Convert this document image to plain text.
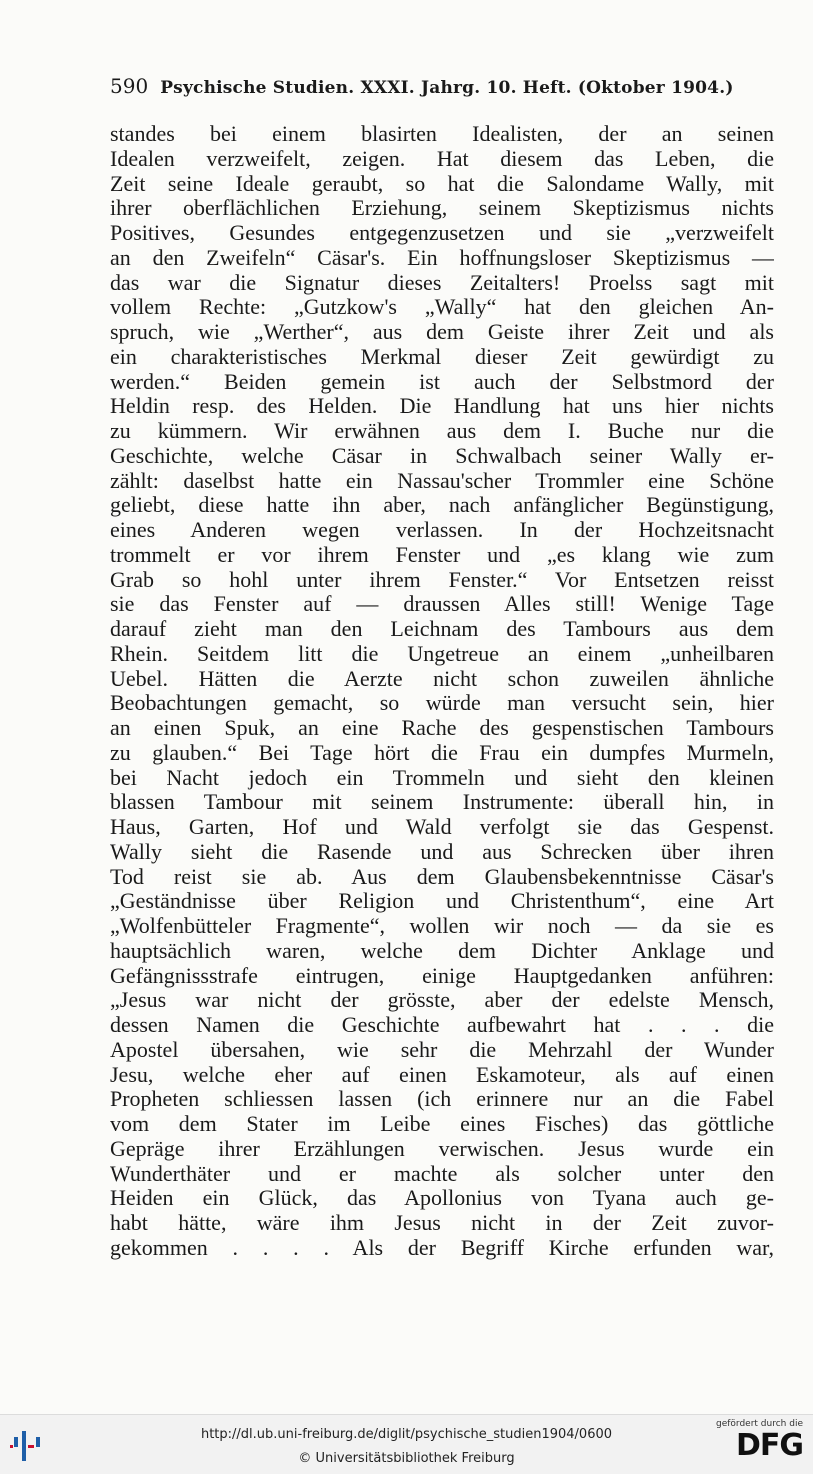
590 Psychische Studien. XXXI. Jahrg. 10. Heft. (Oktober 1904.)
standes bei einem blasirten Idealisten, der an seinen
Idealen verzweifelt, zeigen. Hat diesem das Leben, die
Zeit seine Ideale geraubt, so hat die Salondame Wally, mit
ihrer oberflächlichen Erziehung, seinem Skeptizismus nichts
Positives, Gesundes entgegenzusetzen und sie „verzweifelt
an den Zweifeln“ Cäsar's. Ein hoffnungsloser Skeptizismus —
das war die Signatur dieses Zeitalters! Proelss sagt mit
vollem Rechte: „Gutzkow's „Wally“ hat den gleichen An-
spruch, wie „Werther“, aus dem Geiste ihrer Zeit und als
ein charakteristisches Merkmal dieser Zeit gewürdigt zu
werden.“ Beiden gemein ist auch der Selbstmord der
Heldin resp. des Helden. Die Handlung hat uns hier nichts
zu kümmern. Wir erwähnen aus dem I. Buche nur die
Geschichte, welche Cäsar in Schwalbach seiner Wally er-
zählt: daselbst hatte ein Nassau'scher Trommler eine Schöne
geliebt, diese hatte ihn aber, nach anfänglicher Begünstigung,
eines Anderen wegen verlassen. In der Hochzeitsnacht
trommelt er vor ihrem Fenster und „es klang wie zum
Grab so hohl unter ihrem Fenster.“ Vor Entsetzen reisst
sie das Fenster auf — draussen Alles still! Wenige Tage
darauf zieht man den Leichnam des Tambours aus dem
Rhein. Seitdem litt die Ungetreue an einem „unheilbaren
Uebel. Hätten die Aerzte nicht schon zuweilen ähnliche
Beobachtungen gemacht, so würde man versucht sein, hier
an einen Spuk, an eine Rache des gespenstischen Tambours
zu glauben.“ Bei Tage hört die Frau ein dumpfes Murmeln,
bei Nacht jedoch ein Trommeln und sieht den kleinen
blassen Tambour mit seinem Instrumente: überall hin, in
Haus, Garten, Hof und Wald verfolgt sie das Gespenst.
Wally sieht die Rasende und aus Schrecken über ihren
Tod reist sie ab. Aus dem Glaubensbekenntnisse Cäsar's
„Geständnisse über Religion und Christenthum“, eine Art
„Wolfenbütteler Fragmente“, wollen wir noch — da sie es
hauptsächlich waren, welche dem Dichter Anklage und
Gefängnissstrafe eintrugen, einige Hauptgedanken anführen:
„Jesus war nicht der grösste, aber der edelste Mensch,
dessen Namen die Geschichte aufbewahrt hat . . . die
Apostel übersahen, wie sehr die Mehrzahl der Wunder
Jesu, welche eher auf einen Eskamoteur, als auf einen
Propheten schliessen lassen (ich erinnere nur an die Fabel
vom dem Stater im Leibe eines Fisches) das göttliche
Gepräge ihrer Erzählungen verwischen. Jesus wurde ein
Wunderthäter und er machte als solcher unter den
Heiden ein Glück, das Apollonius von Tyana auch ge-
habt hätte, wäre ihm Jesus nicht in der Zeit zuvor-
gekommen . . . . Als der Begriff Kirche erfunden war,
http://dl.ub.uni-freiburg.de/diglit/psychische_studien1904/0600
© Universitätsbibliothek Freiburg
gefördert durch die
DFG
